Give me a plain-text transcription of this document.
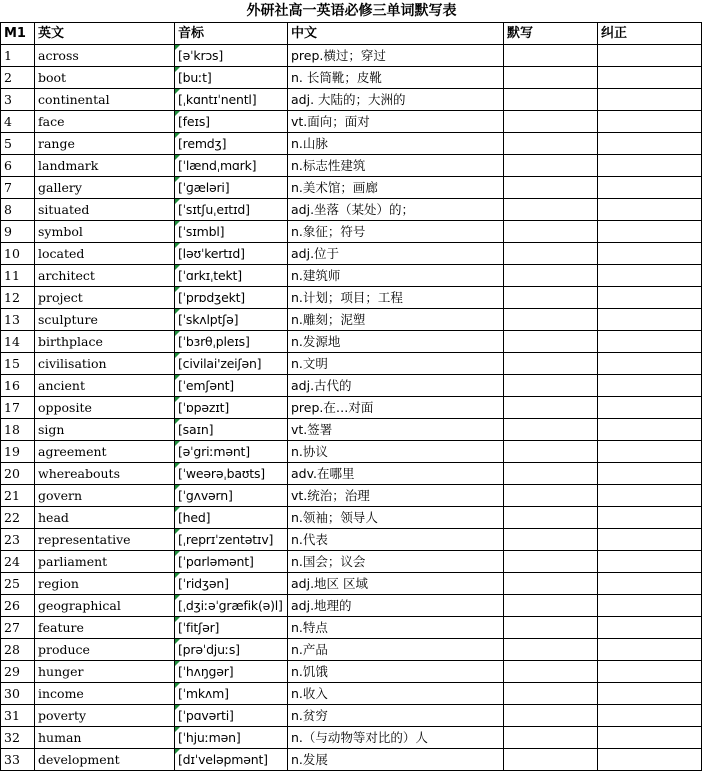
外研社高一英语必修三单词默写表
M1	英文	音标	中文	默写	纠正
1	across	[əˈkrɔs]	prep.横过；穿过		
2	boot	[buːt]	n. 长筒靴；皮靴		
3	continental	[ˌkɑntɪˈnentl]	adj. 大陆的；大洲的		
4	face	[feɪs]	vt.面向；面对		
5	range	[remdʒ]	n.山脉		
6	landmark	[ˈlændˌmɑrk]	n.标志性建筑		
7	gallery	[ˈɡæləri]	n.美术馆；画廊		
8	situated	[ˈsɪtʃuˌeɪtɪd]	adj.坐落（某处）的；		
9	symbol	[ˈsɪmbl]	n.象征；符号		
10	located	[ləʊˈkertɪd]	adj.位于		
11	architect	[ˈɑrkɪˌtekt]	n.建筑师		
12	project	[ˈprɒdʒekt]	n.计划；项目；工程		
13	sculpture	[ˈskʌlptʃə]	n.雕刻；泥塑		
14	birthplace	[ˈbɜrθˌpleɪs]	n.发源地		
15	civilisation	[civilai'zeiʃən]	n.文明		
16	ancient	[ˈemʃənt]	adj.古代的		
17	opposite	[ˈɒpəzɪt]	prep.在…对面		
18	sign	[saɪn]	vt.签署		
19	agreement	[əˈgriːmənt]	n.协议		
20	whereabouts	[ˈweərəˌbaʊts]	adv.在哪里		
21	govern	[ˈgʌvərn]	vt.统治；治理		
22	head	[hed]	n.领袖；领导人		
23	representative	[ˌreprɪˈzentətɪv]	n.代表		
24	parliament	[ˈpɑrləmənt]	n.国会；议会		
25	region	[ˈridʒən]	adj.地区 区域		
26	geographical	[ˌdʒiːəˈgræfik(ə)l]	adj.地理的		
27	feature	[ˈfitʃər]	n.特点		
28	produce	[prəˈdjuːs]	n.产品		
29	hunger	[ˈhʌŋgər]	n.饥饿		
30	income	[ˈmkʌm]	n.收入		
31	poverty	[ˈpɑvərti]	n.贫穷		
32	human	[ˈhjuːmən]	n.（与动物等对比的）人		
33	development	[dɪˈveləpmənt]	n.发展		
